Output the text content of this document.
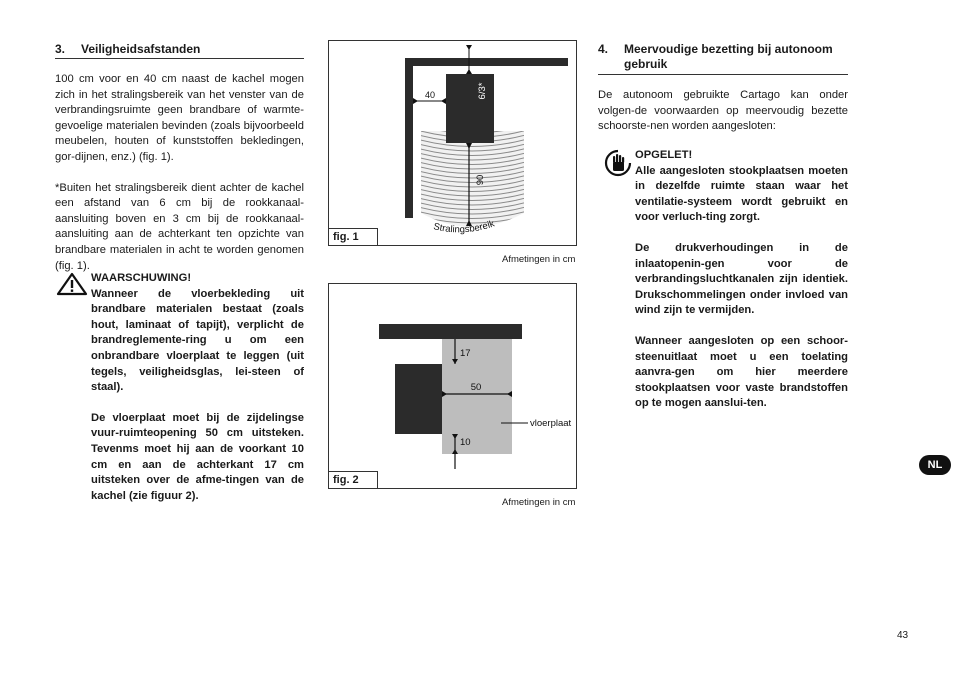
3. Veiligheidsafstanden

100 cm voor en 40 cm naast de kachel mogen zich in het stralingsbereik van het venster van de verbrandingsruimte geen brandbare of warmte-gevoelige materialen bevinden (zoals bijvoorbeeld meubelen, houten of kunststoffen bekledingen, gor-dijnen, enz.) (fig. 1).

*Buiten het stralingsbereik dient achter de kachel een afstand van 6 cm bij de rookkanaal-aansluiting boven en 3 cm bij de rookkanaal-aansluiting aan de achterkant ten opzichte van brandbare materialen in acht te worden genomen (fig. 1).

WAARSCHUWING!

Wanneer de vloerbekleding uit brandbare materialen bestaat (zoals hout, laminaat of tapijt), verplicht de brandreglemente-ring u om een onbrandbare vloerplaat te leggen (uit tegels, veiligheidsglas, lei-steen of staal).

De vloerplaat moet bij de zijdelingse vuur-ruimteopening 50 cm uitsteken. Tevenms moet hij aan de voorkant 10 cm en aan de achterkant 17 cm uitsteken over de afme-tingen van de kachel (zie figuur 2).

40	6/3*
90
Stralingsbereik
fig. 1
Afmetingen in cm
17
50
10
vloerplaat
fig. 2
Afmetingen in cm
4. Meervoudige bezetting bij autonoom
gebruik
De autonoom gebruikte Cartago kan onder volgen-de voorwaarden op meervoudig bezette schoorste-nen worden aangesloten:

OPGELET!

Alle aangesloten stookplaatsen moeten in dezelfde ruimte staan waar het ventilatie-systeem wordt gebruikt en voor verluch-ting zorgt.

De drukverhoudingen in de inlaatopenin-gen voor de verbrandingsluchtkanalen zijn identiek. Drukschommelingen onder invloed van wind zijn te vermijden.

Wanneer aangesloten op een schoor-steenuitlaat moet u een toelating aanvra-gen om hier meerdere stookplaatsen voor vaste brandstoffen op te mogen aanslui-ten.

NL
43
